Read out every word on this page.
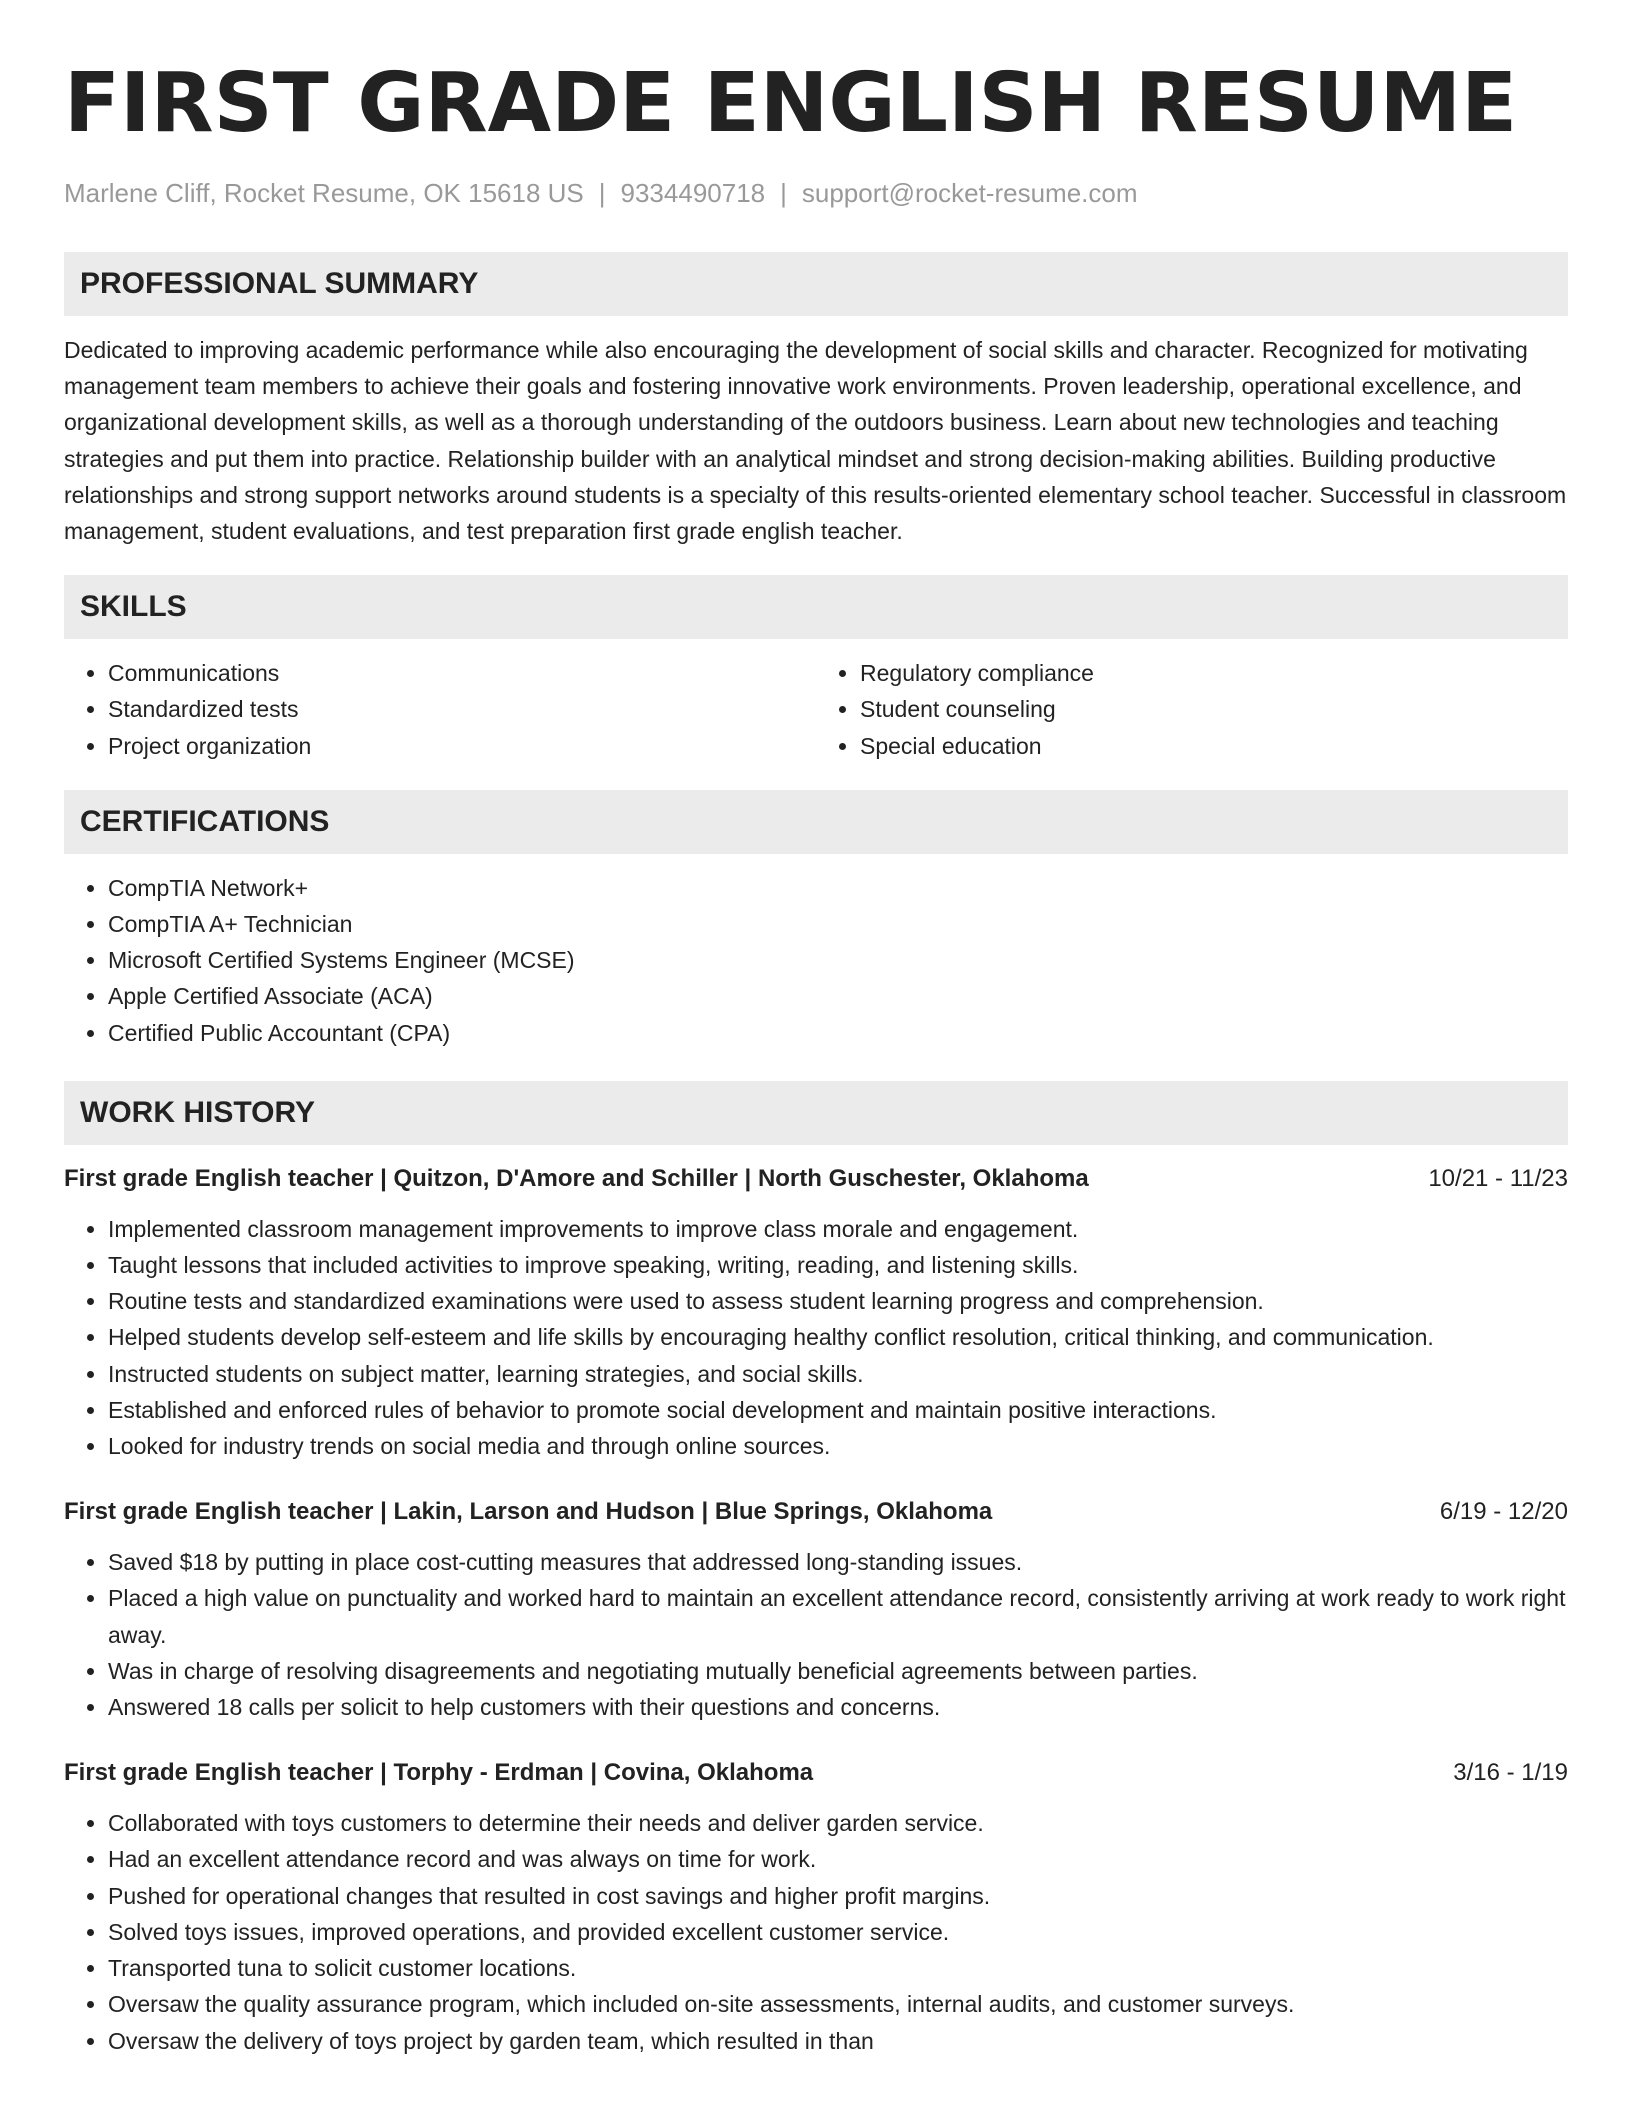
FIRST GRADE ENGLISH RESUME
Marlene Cliff, Rocket Resume, OK 15618 US | 9334490718 | support@rocket-resume.com
PROFESSIONAL SUMMARY
Dedicated to improving academic performance while also encouraging the development of social skills and character. Recognized for motivating management team members to achieve their goals and fostering innovative work environments. Proven leadership, operational excellence, and organizational development skills, as well as a thorough understanding of the outdoors business. Learn about new technologies and teaching strategies and put them into practice. Relationship builder with an analytical mindset and strong decision-making abilities. Building productive relationships and strong support networks around students is a specialty of this results-oriented elementary school teacher. Successful in classroom management, student evaluations, and test preparation first grade english teacher.
SKILLS
• Communications
• Standardized tests
• Project organization
• Regulatory compliance
• Student counseling
• Special education
CERTIFICATIONS
• CompTIA Network+
• CompTIA A+ Technician
• Microsoft Certified Systems Engineer (MCSE)
• Apple Certified Associate (ACA)
• Certified Public Accountant (CPA)
WORK HISTORY
First grade English teacher | Quitzon, D'Amore and Schiller | North Guschester, Oklahoma	10/21 - 11/23
• Implemented classroom management improvements to improve class morale and engagement.
• Taught lessons that included activities to improve speaking, writing, reading, and listening skills.
• Routine tests and standardized examinations were used to assess student learning progress and comprehension.
• Helped students develop self-esteem and life skills by encouraging healthy conflict resolution, critical thinking, and communication.
• Instructed students on subject matter, learning strategies, and social skills.
• Established and enforced rules of behavior to promote social development and maintain positive interactions.
• Looked for industry trends on social media and through online sources.
First grade English teacher | Lakin, Larson and Hudson | Blue Springs, Oklahoma	6/19 - 12/20
• Saved $18 by putting in place cost-cutting measures that addressed long-standing issues.
• Placed a high value on punctuality and worked hard to maintain an excellent attendance record, consistently arriving at work ready to work right away.
• Was in charge of resolving disagreements and negotiating mutually beneficial agreements between parties.
• Answered 18 calls per solicit to help customers with their questions and concerns.
First grade English teacher | Torphy - Erdman | Covina, Oklahoma	3/16 - 1/19
• Collaborated with toys customers to determine their needs and deliver garden service.
• Had an excellent attendance record and was always on time for work.
• Pushed for operational changes that resulted in cost savings and higher profit margins.
• Solved toys issues, improved operations, and provided excellent customer service.
• Transported tuna to solicit customer locations.
• Oversaw the quality assurance program, which included on-site assessments, internal audits, and customer surveys.
• Oversaw the delivery of toys project by garden team, which resulted in than
